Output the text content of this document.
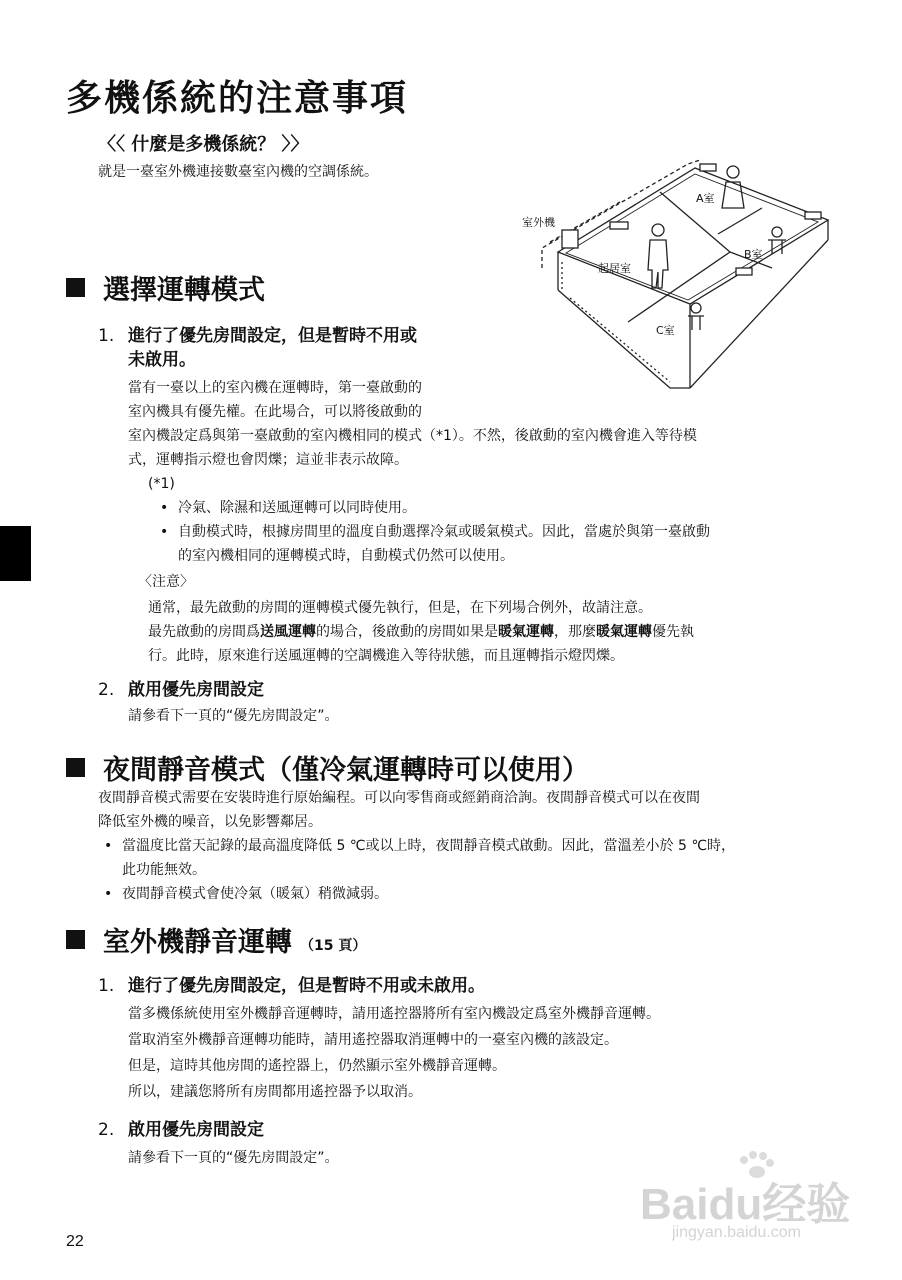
多機係統的注意事項
〈〈 什麼是多機係統？ 〉〉
就是一臺室外機連接數臺室內機的空調係統。
室外機
A室
B室
C室
起居室
選擇運轉模式
1. 進行了優先房間設定，但是暫時不用或
未啟用。
當有一臺以上的室內機在運轉時，第一臺啟動的
室內機具有優先權。在此場合，可以將後啟動的
室內機設定爲與第一臺啟動的室內機相同的模式（*1）。不然，後啟動的室內機會進入等待模
式，運轉指示燈也會閃爍；這並非表示故障。
(*1)
• 冷氣、除濕和送風運轉可以同時使用。
• 自動模式時，根據房間里的溫度自動選擇冷氣或暖氣模式。因此，當處於與第一臺啟動
的室內機相同的運轉模式時，自動模式仍然可以使用。
〈注意〉
通常，最先啟動的房間的運轉模式優先執行，但是，在下列場合例外，故請注意。
最先啟動的房間爲送風運轉的場合，後啟動的房間如果是暖氣運轉，那麼暖氣運轉優先執
行。此時，原來進行送風運轉的空調機進入等待狀態，而且運轉指示燈閃爍。
2. 啟用優先房間設定
請參看下一頁的“優先房間設定”。
夜間靜音模式（僅冷氣運轉時可以使用）
夜間靜音模式需要在安裝時進行原始編程。可以向零售商或經銷商洽詢。夜間靜音模式可以在夜間
降低室外機的噪音，以免影響鄰居。
• 當溫度比當天記錄的最高溫度降低 5 ℃或以上時，夜間靜音模式啟動。因此，當溫差小於 5 ℃時，
此功能無效。
• 夜間靜音模式會使冷氣（暖氣）稍微減弱。
室外機靜音運轉 （15 頁）
1. 進行了優先房間設定，但是暫時不用或未啟用。
當多機係統使用室外機靜音運轉時，請用遙控器將所有室內機設定爲室外機靜音運轉。
當取消室外機靜音運轉功能時，請用遙控器取消運轉中的一臺室內機的該設定。
但是，這時其他房間的遙控器上，仍然顯示室外機靜音運轉。
所以，建議您將所有房間都用遙控器予以取消。
2. 啟用優先房間設定
請參看下一頁的“優先房間設定”。
22
Baidu经验
jingyan.baidu.com
